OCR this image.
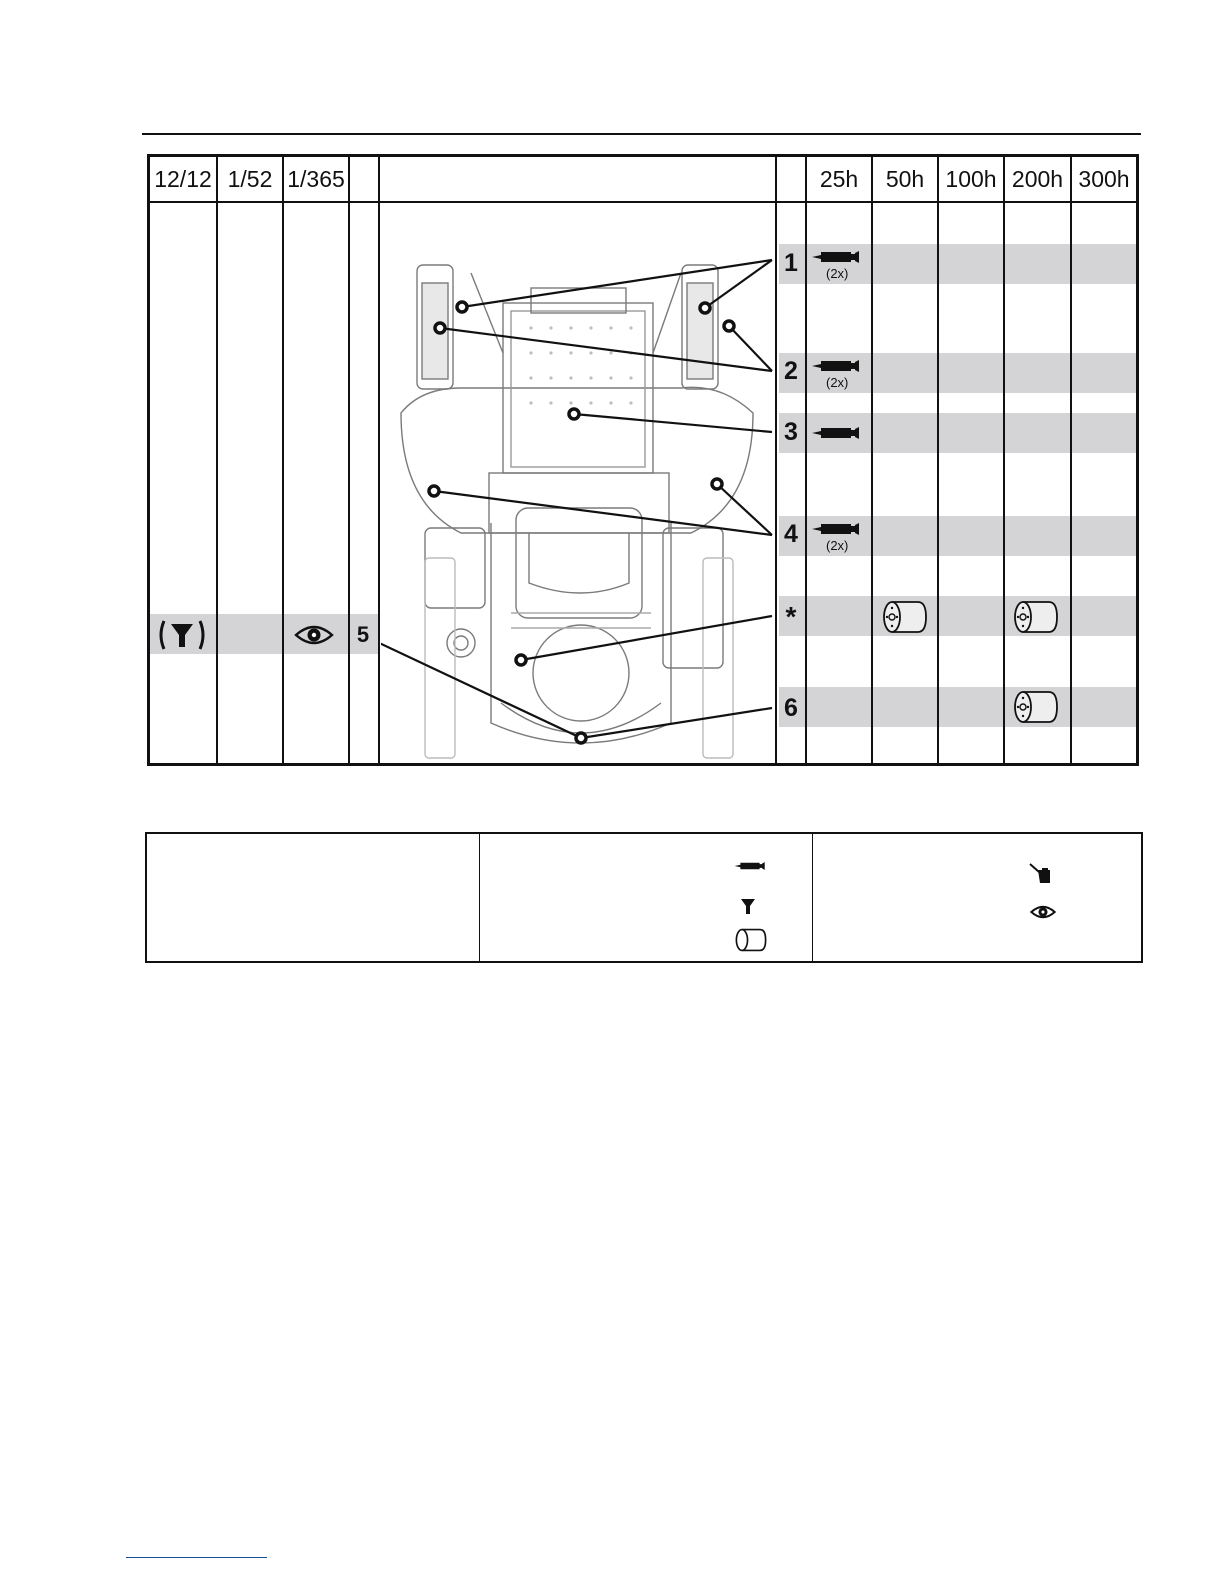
12/12 1/52 1/365	25h	50h 100h 200h 300h
1
2
3
4
*
5
6
(2x)
(2x)
(2x)
